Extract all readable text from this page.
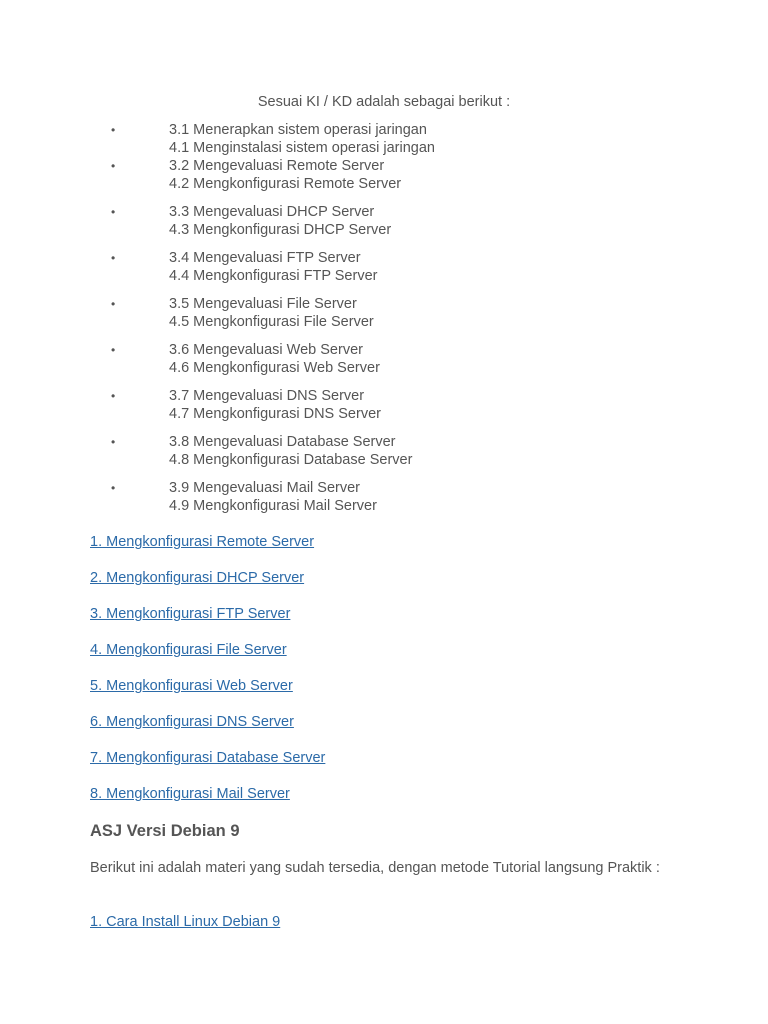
Sesuai KI / KD adalah sebagai berikut :
•	3.1 Menerapkan sistem operasi jaringan
4.1 Menginstalasi sistem operasi jaringan
•	3.2 Mengevaluasi Remote Server
4.2 Mengkonfigurasi Remote Server
•	3.3 Mengevaluasi DHCP Server
4.3 Mengkonfigurasi DHCP Server
•	3.4 Mengevaluasi FTP Server
4.4 Mengkonfigurasi FTP Server
•	3.5 Mengevaluasi File Server
4.5 Mengkonfigurasi File Server
•	3.6 Mengevaluasi Web Server
4.6 Mengkonfigurasi Web Server
•	3.7 Mengevaluasi DNS Server
4.7 Mengkonfigurasi DNS Server
•	3.8 Mengevaluasi Database Server
4.8 Mengkonfigurasi Database Server
•	3.9 Mengevaluasi Mail Server
4.9 Mengkonfigurasi Mail Server
1. Mengkonfigurasi Remote Server
2. Mengkonfigurasi DHCP Server
3. Mengkonfigurasi FTP Server
4. Mengkonfigurasi File Server
5. Mengkonfigurasi Web Server
6. Mengkonfigurasi DNS Server
7. Mengkonfigurasi Database Server
8. Mengkonfigurasi Mail Server
ASJ Versi Debian 9

Berikut ini adalah materi yang sudah tersedia, dengan metode Tutorial langsung Praktik :

1. Cara Install Linux Debian 9
